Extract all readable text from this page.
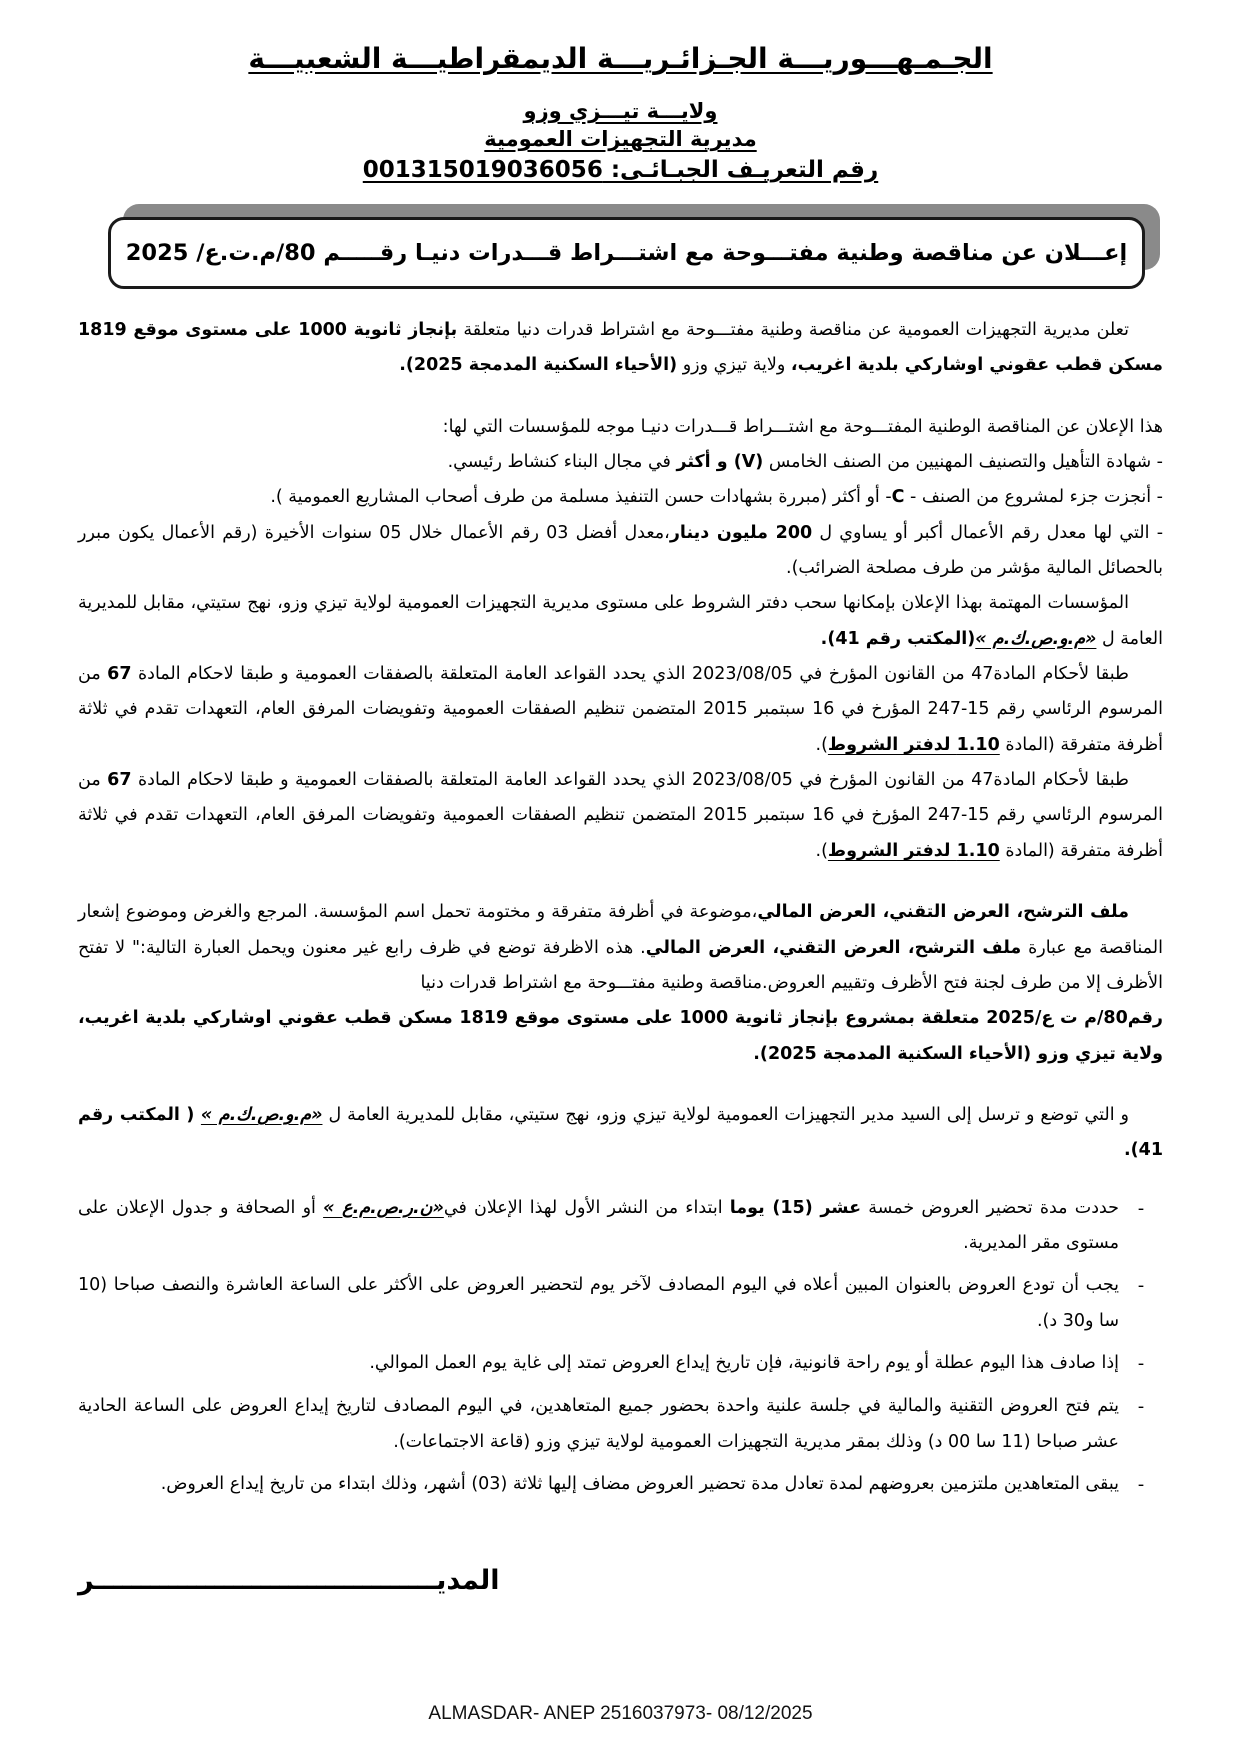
الجـمـهـــوريـــة الجـزائـريـــة الديمقراطيـــة الشعبيـــة
ولايـــة تيـــزي وزو
مديرية التجهيزات العمومية
رقم التعريـف الجبـائـى: 001315019036056
إعـــلان عن مناقصة وطنية مفتـــوحة مع اشتـــراط قـــدرات دنيـا رقـــــم 80/م.ت.ع/ 2025

تعلن مديرية التجهيزات العمومية عن مناقصة وطنية مفتـــوحة مع اشتراط قدرات دنيا متعلقة بإنجاز ثانوية 1000 على مستوى موقع 1819 مسكن قطب عقوني اوشاركي بلدية اغريب، ولاية تيزي وزو (الأحياء السكنية المدمجة 2025).

هذا الإعلان عن المناقصة الوطنية المفتـــوحة مع اشتـــراط قـــدرات دنيـا موجه للمؤسسات التي لها:

- شهادة التأهيل والتصنيف المهنيين من الصنف الخامس (V) و أكثر في مجال البناء كنشاط رئيسي.

- أنجزت جزء لمشروع من الصنف - C- أو أكثر (مبررة بشهادات حسن التنفيذ مسلمة من طرف أصحاب المشاريع العمومية ).

- التي لها معدل رقم الأعمال أكبر أو يساوي ل 200 مليون دينار،معدل أفضل 03 رقم الأعمال خلال 05 سنوات الأخيرة (رقم الأعمال يكون مبرر بالحصائل المالية مؤشر من طرف مصلحة الضرائب).

المؤسسات المهتمة بهذا الإعلان بإمكانها سحب دفتر الشروط على مستوى مديرية التجهيزات العمومية لولاية تيزي وزو، نهج ستيتي، مقابل للمديرية العامة ل «م.و.ص.ك.م »(المكتب رقم 41).

طبقا لأحكام المادة47 من القانون المؤرخ في 2023/08/05 الذي يحدد القواعد العامة المتعلقة بالصفقات العمومية و طبقا لاحكام المادة 67 من المرسوم الرئاسي رقم 15-247 المؤرخ في 16 سبتمبر 2015 المتضمن تنظيم الصفقات العمومية وتفويضات المرفق العام، التعهدات تقدم في ثلاثة أظرفة متفرقة (المادة 1.10 لدفتر الشروط).

طبقا لأحكام المادة47 من القانون المؤرخ في 2023/08/05 الذي يحدد القواعد العامة المتعلقة بالصفقات العمومية و طبقا لاحكام المادة 67 من المرسوم الرئاسي رقم 15-247 المؤرخ في 16 سبتمبر 2015 المتضمن تنظيم الصفقات العمومية وتفويضات المرفق العام، التعهدات تقدم في ثلاثة أظرفة متفرقة (المادة 1.10 لدفتر الشروط).

ملف الترشح، العرض التقني، العرض المالي،موضوعة في أظرفة متفرقة و مختومة تحمل اسم المؤسسة. المرجع والغرض وموضوع إشعار المناقصة مع عبارة ملف الترشح، العرض التقني، العرض المالي. هذه الاظرفة توضع في ظرف رابع غير معنون ويحمل العبارة التالية:" لا تفتح الأظرف إلا من طرف لجنة فتح الأظرف وتقييم العروض.مناقصة وطنية مفتـــوحة مع اشتراط قدرات دنيا
رقم80/م ت ع/2025 متعلقة بمشروع بإنجاز ثانوية 1000 على مستوى موقع 1819 مسكن قطب عقوني اوشاركي بلدية اغريب، ولاية تيزي وزو (الأحياء السكنية المدمجة 2025).

و التي توضع و ترسل إلى السيد مدير التجهيزات العمومية لولاية تيزي وزو، نهج ستيتي، مقابل للمديرية العامة ل «م.و.ص.ك.م » ( المكتب رقم 41).

-
حددت مدة تحضير العروض خمسة عشر (15) يوما ابتداء من النشر الأول لهذا الإعلان في«ن.ر.ص.م.ع » أو الصحافة و جدول الإعلان على مستوى مقر المديرية.
-
يجب أن تودع العروض بالعنوان المبين أعلاه في اليوم المصادف لآخر يوم لتحضير العروض على الأكثر على الساعة العاشرة والنصف صباحا (10 سا و30 د).
-
إذا صادف هذا اليوم عطلة أو يوم راحة قانونية، فإن تاريخ إيداع العروض تمتد إلى غاية يوم العمل الموالي.
-
يتم فتح العروض التقنية والمالية في جلسة علنية واحدة بحضور جميع المتعاهدين، في اليوم المصادف لتاريخ إيداع العروض على الساعة الحادية عشر صباحا (11 سا 00 د) وذلك بمقر مديرية التجهيزات العمومية لولاية تيزي وزو (قاعة الاجتماعات).
-
يبقى المتعاهدين ملتزمين بعروضهم لمدة تعادل مدة تحضير العروض مضاف إليها ثلاثة (03) أشهر، وذلك ابتداء من تاريخ إيداع العروض.
المديـــــــــــــــــــــــــــــــــــــر
ALMASDAR- ANEP 2516037973- 08/12/2025
